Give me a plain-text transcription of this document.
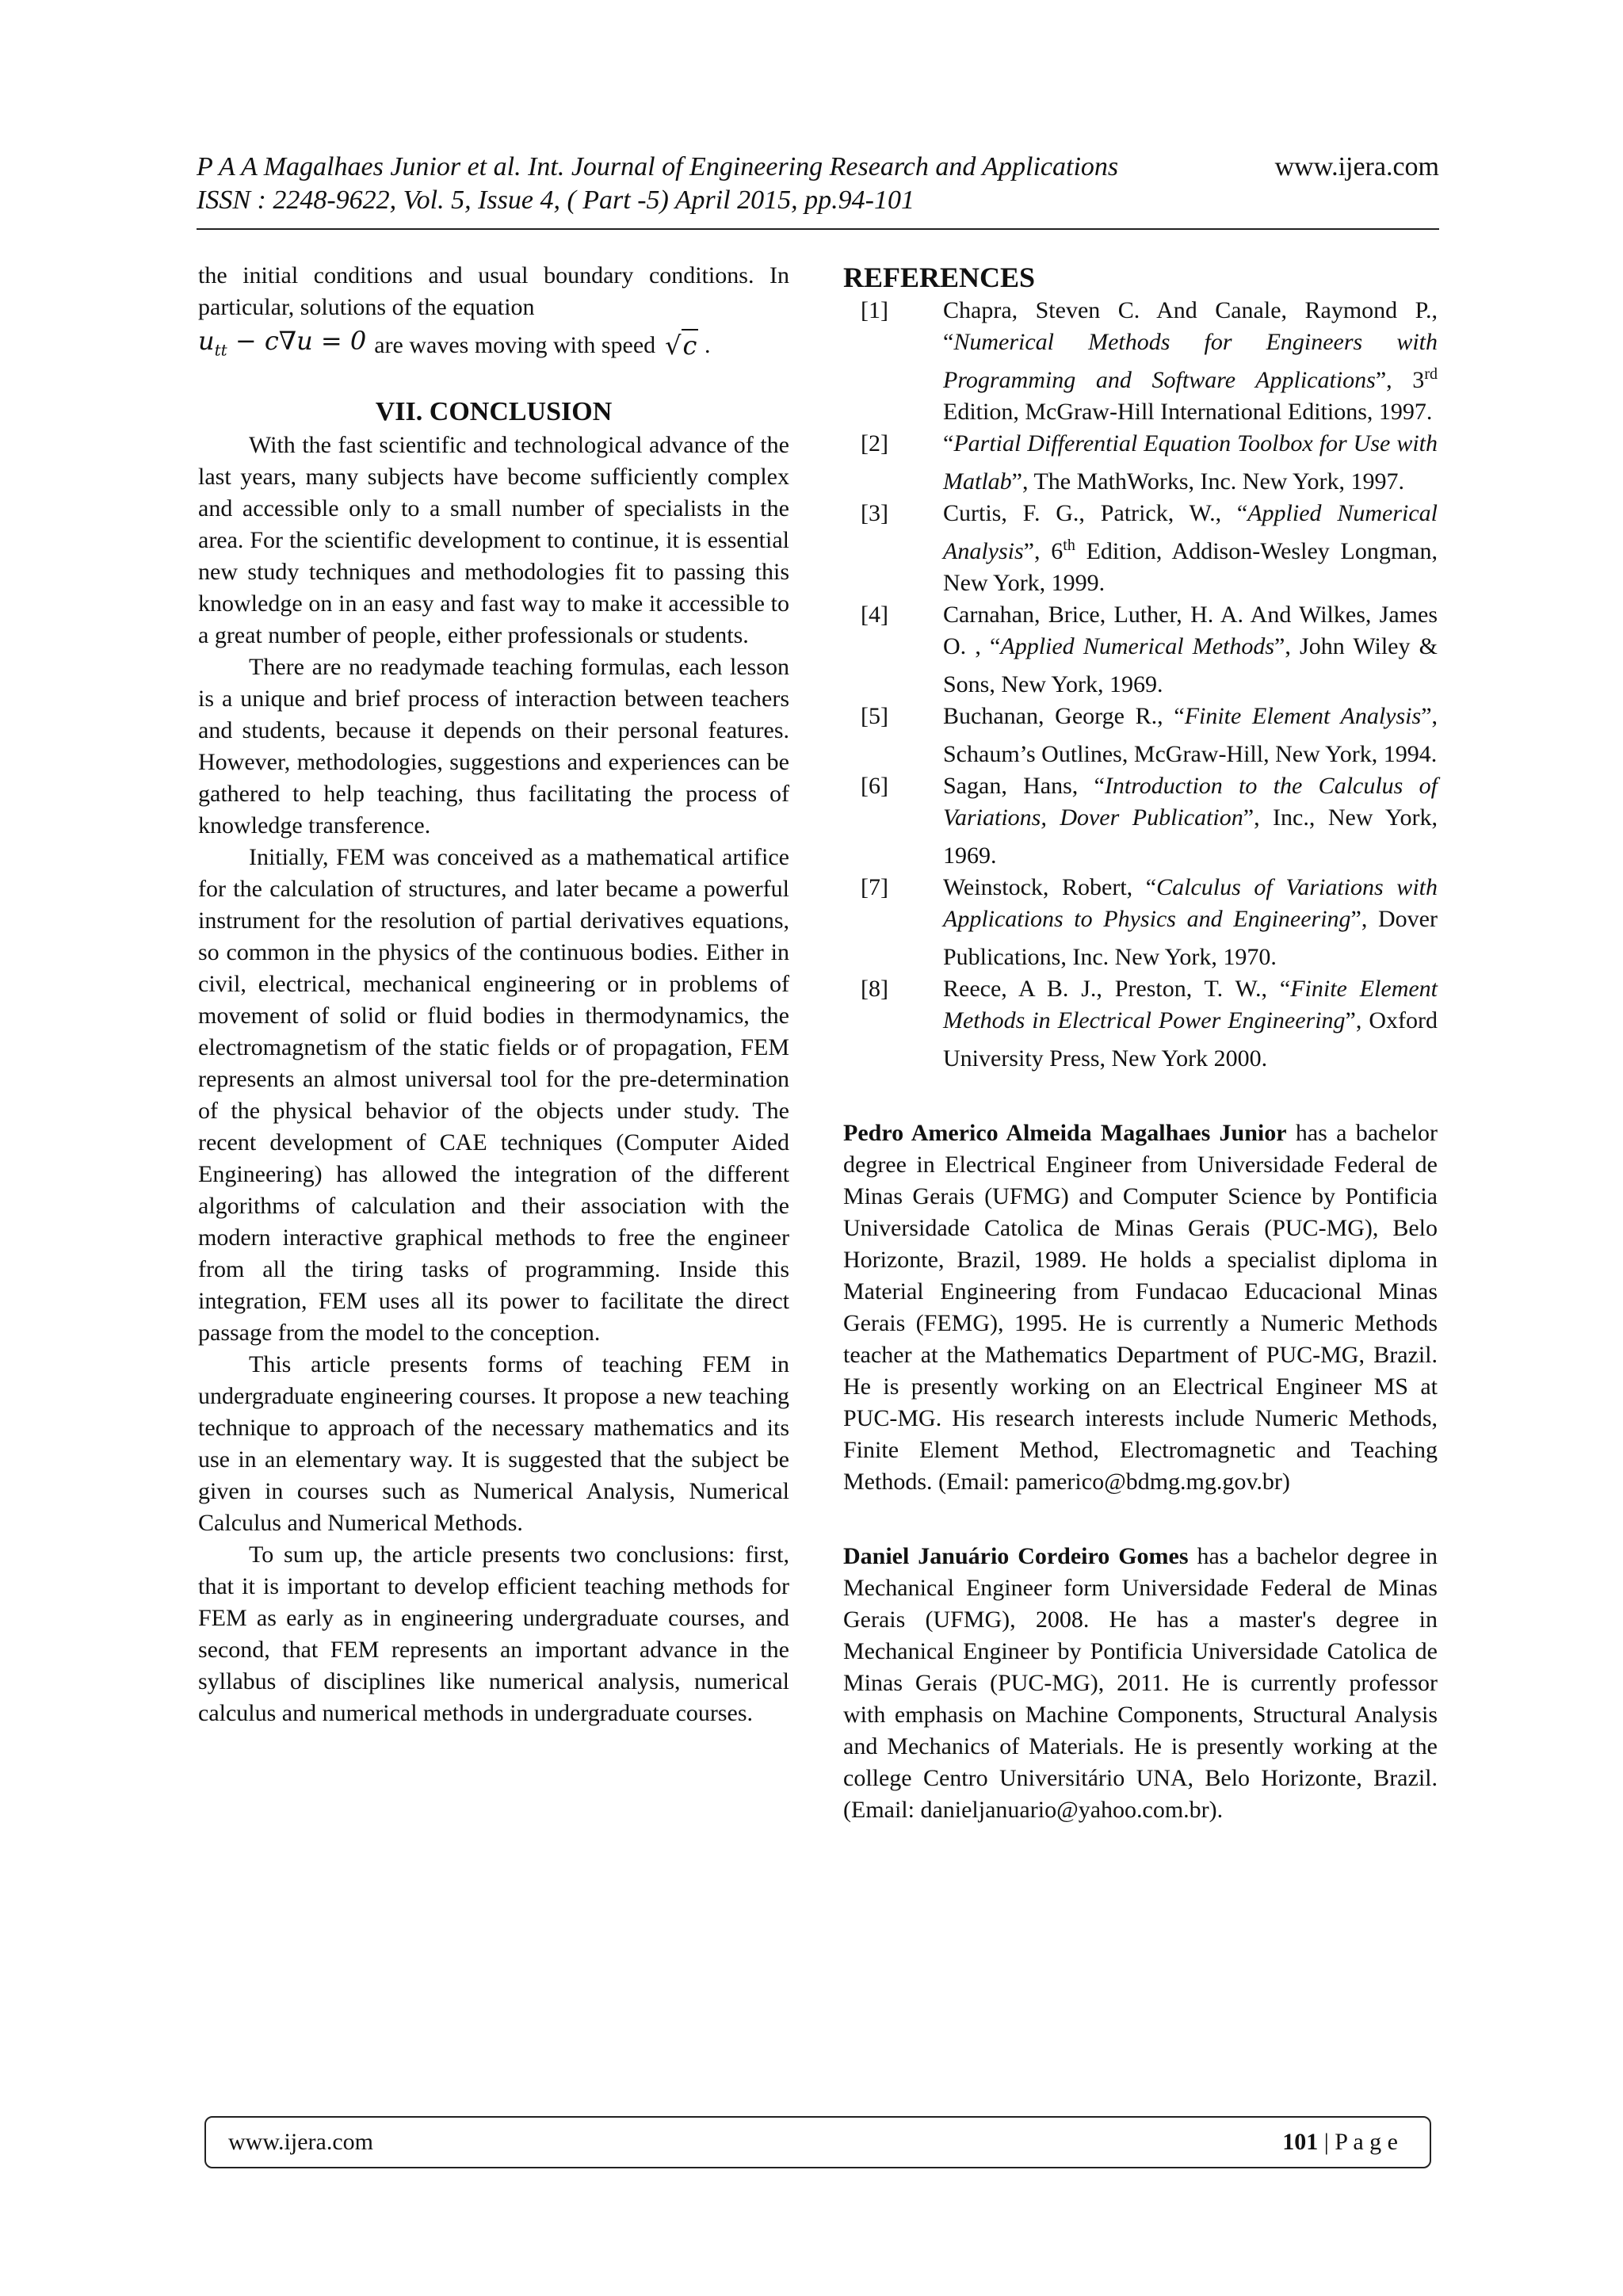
P A A Magalhaes Junior et al. Int. Journal of Engineering Research and Applications	www.ijera.com
ISSN : 2248-9622, Vol. 5, Issue 4, ( Part -5) April 2015, pp.94-101

the initial conditions and usual boundary conditions. In particular, solutions of the equation

$u_{tt} - c\nabla u = 0$ are waves moving with speed √c .
VII. CONCLUSION

With the fast scientific and technological advance of the last years, many subjects have become sufficiently complex and accessible only to a small number of specialists in the area. For the scientific development to continue, it is essential new study techniques and methodologies fit to passing this knowledge on in an easy and fast way to make it accessible to a great number of people, either professionals or students.

There are no readymade teaching formulas, each lesson is a unique and brief process of interaction between teachers and students, because it depends on their personal features. However, methodologies, suggestions and experiences can be gathered to help teaching, thus facilitating the process of knowledge transference.

Initially, FEM was conceived as a mathematical artifice for the calculation of structures, and later became a powerful instrument for the resolution of partial derivatives equations, so common in the physics of the continuous bodies. Either in civil, electrical, mechanical engineering or in problems of movement of solid or fluid bodies in thermodynamics, the electromagnetism of the static fields or of propagation, FEM represents an almost universal tool for the pre-determination of the physical behavior of the objects under study. The recent development of CAE techniques (Computer Aided Engineering) has allowed the integration of the different algorithms of calculation and their association with the modern interactive graphical methods to free the engineer from all the tiring tasks of programming. Inside this integration, FEM uses all its power to facilitate the direct passage from the model to the conception.

This article presents forms of teaching FEM in undergraduate engineering courses. It propose a new teaching technique to approach of the necessary mathematics and its use in an elementary way. It is suggested that the subject be given in courses such as Numerical Analysis, Numerical Calculus and Numerical Methods.

To sum up, the article presents two conclusions: first, that it is important to develop efficient teaching methods for FEM as early as in engineering undergraduate courses, and second, that FEM represents an important advance in the syllabus of disciplines like numerical analysis, numerical calculus and numerical methods in undergraduate courses.

REFERENCES
[1]	Chapra, Steven C. And Canale, Raymond P., “Numerical Methods for Engineers with Programming and Software Applications”, 3rd Edition, McGraw-Hill International Editions, 1997.
[2]	“Partial Differential Equation Toolbox for Use with Matlab”, The MathWorks, Inc. New York, 1997.
[3]	Curtis, F. G., Patrick, W., “Applied Numerical Analysis”, 6th Edition, Addison-Wesley Longman, New York, 1999.
[4]	Carnahan, Brice, Luther, H. A. And Wilkes, James O. , “Applied Numerical Methods”, John Wiley & Sons, New York, 1969.
[5]	Buchanan, George R., “Finite Element Analysis”, Schaum’s Outlines, McGraw-Hill, New York, 1994.
[6]	Sagan, Hans, “Introduction to the Calculus of Variations, Dover Publication”, Inc., New York, 1969.
[7]	Weinstock, Robert, “Calculus of Variations with Applications to Physics and Engineering”, Dover Publications, Inc. New York, 1970.
[8]	Reece, A B. J., Preston, T. W., “Finite Element Methods in Electrical Power Engineering”, Oxford University Press, New York 2000.

Pedro Americo Almeida Magalhaes Junior has a bachelor degree in Electrical Engineer from Universidade Federal de Minas Gerais (UFMG) and Computer Science by Pontificia Universidade Catolica de Minas Gerais (PUC-MG), Belo Horizonte, Brazil, 1989. He holds a specialist diploma in Material Engineering from Fundacao Educacional Minas Gerais (FEMG), 1995. He is currently a Numeric Methods teacher at the Mathematics Department of PUC-MG, Brazil. He is presently working on an Electrical Engineer MS at PUC-MG. His research interests include Numeric Methods, Finite Element Method, Electromagnetic and Teaching Methods. (Email: pamerico@bdmg.mg.gov.br)

Daniel Januário Cordeiro Gomes has a bachelor degree in Mechanical Engineer form Universidade Federal de Minas Gerais (UFMG), 2008. He has a master's degree in Mechanical Engineer by Pontificia Universidade Catolica de Minas Gerais (PUC-MG), 2011. He is currently professor with emphasis on Machine Components, Structural Analysis and Mechanics of Materials. He is presently working at the college Centro Universitário UNA, Belo Horizonte, Brazil. (Email: danieljanuario@yahoo.com.br).

www.ijera.com	101 | P a g e
